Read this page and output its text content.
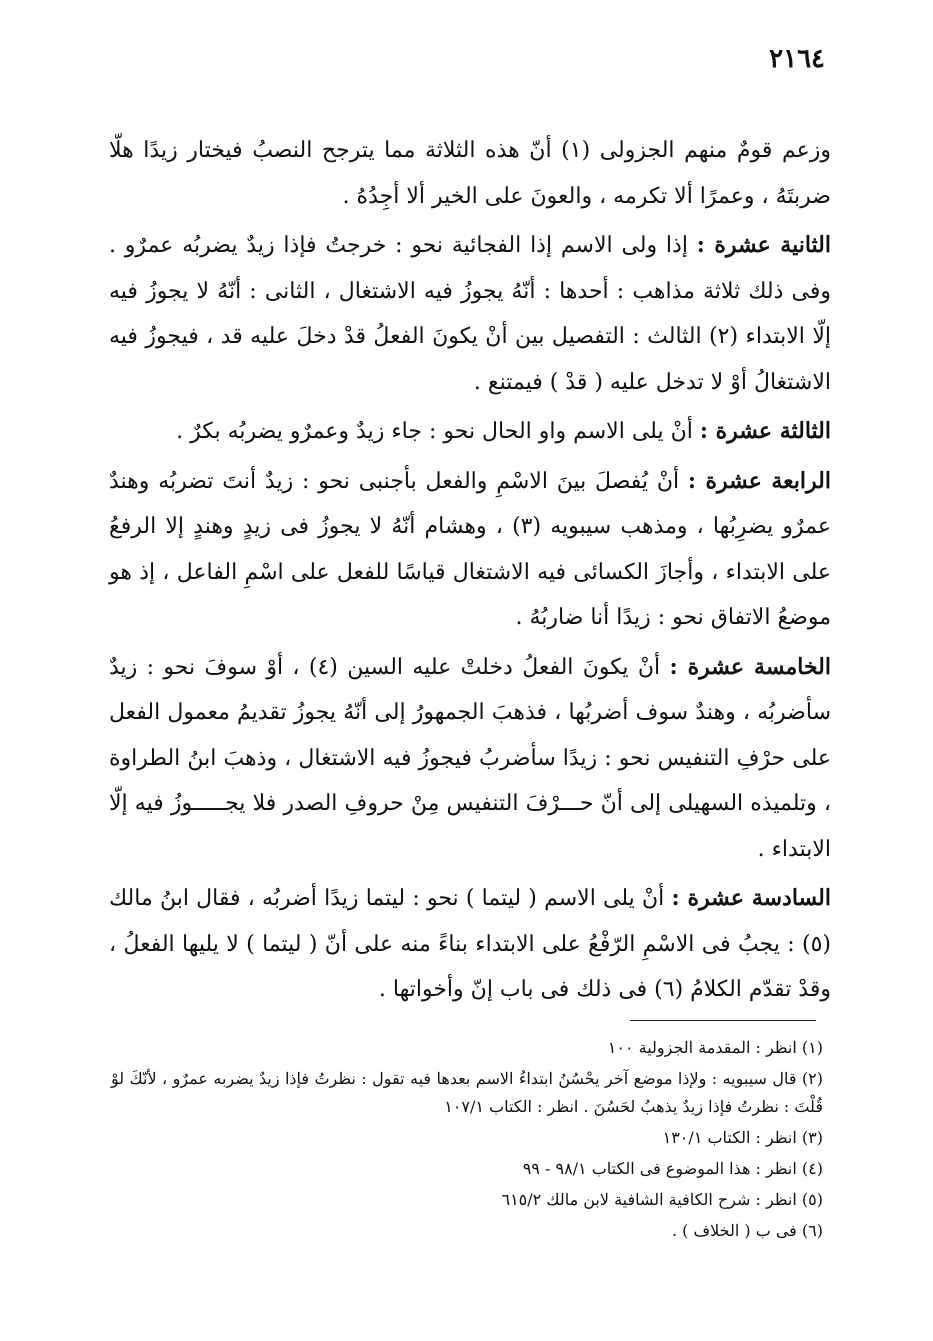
٢١٦٤

وزعم قومٌ منهم الجزولى (١) أنّ هذه الثلاثة مما يترجح النصبُ فيختار زيدًا هلّا ضربتَهُ ، وعمرًا ألا تكرمه ، والعونَ على الخير ألا أجِدُهُ .

الثانية عشرة : إذا ولى الاسم إذا الفجائية نحو : خرجتُ فإذا زيدٌ يضربُه عمرٌو . وفى ذلك ثلاثة مذاهب : أحدها : أنّهُ يجوزُ فيه الاشتغال ، الثانى : أنّهُ لا يجوزُ فيه إلّا الابتداء (٢) الثالث : التفصيل بين أنْ يكونَ الفعلُ قدْ دخلَ عليه قد ، فيجوزُ فيه الاشتغالُ أوْ لا تدخل عليه ( قدْ ) فيمتنع .

الثالثة عشرة : أنْ يلى الاسم واو الحال نحو : جاء زيدٌ وعمرٌو يضربُه بكرٌ .

الرابعة عشرة : أنْ يُفصلَ بينَ الاسْمِ والفعل بأجنبى نحو : زيدٌ أنتَ تضربُه وهندٌ عمرٌو يضرِبُها ، ومذهب سيبويه (٣) ، وهشام أنّهُ لا يجوزُ فى زيدٍ وهندٍ إلا الرفعُ على الابتداء ، وأجازَ الكسائى فيه الاشتغال قياسًا للفعل على اسْمِ الفاعل ، إذ هو موضعُ الاتفاق نحو : زيدًا أنا ضاربُهُ .

الخامسة عشرة : أنْ يكونَ الفعلُ دخلتْ عليه السين (٤) ، أوْ سوفَ نحو : زيدٌ سأضربُه ، وهندٌ سوف أضربُها ، فذهبَ الجمهورُ إلى أنّهُ يجوزُ تقديمُ معمول الفعل على حرْفِ التنفيس نحو : زيدًا سأضربُ فيجوزُ فيه الاشتغال ، وذهبَ ابنُ الطراوة ، وتلميذه السهيلى إلى أنّ حـــرْفَ التنفيس مِنْ حروفِ الصدر فلا يجـــــوزُ فيه إلّا الابتداء .

السادسة عشرة : أنْ يلى الاسم ( ليتما ) نحو : ليتما زيدًا أضربُه ، فقال ابنُ مالك (٥) : يجبُ فى الاسْمِ الرّفْعُ على الابتداء بناءً منه على أنّ ( ليتما ) لا يليها الفعلُ ، وقدْ تقدّم الكلامُ (٦) فى ذلك فى باب إنّ وأخواتها .

(١) انظر : المقدمة الجزولية ١٠٠

(٢) قال سيبويه : ولإذا موضع آخر يحْسُنُ ابتداءُ الاسم بعدها فيه تقول : نظرتُ فإذا زيدٌ يضربه عمرٌو ، لأنّكَ لوْ قُلْتَ : نظرتُ فإذا زيدٌ يذهبُ لحَسُنَ . انظر : الكتاب ١٠٧/١

(٣) انظر : الكتاب ١٣٠/١

(٤) انظر : هذا الموضوع فى الكتاب ٩٨/١ - ٩٩

(٥) انظر : شرح الكافية الشافية لابن مالك ٦١٥/٢

(٦) فى ب ( الخلاف ) .
